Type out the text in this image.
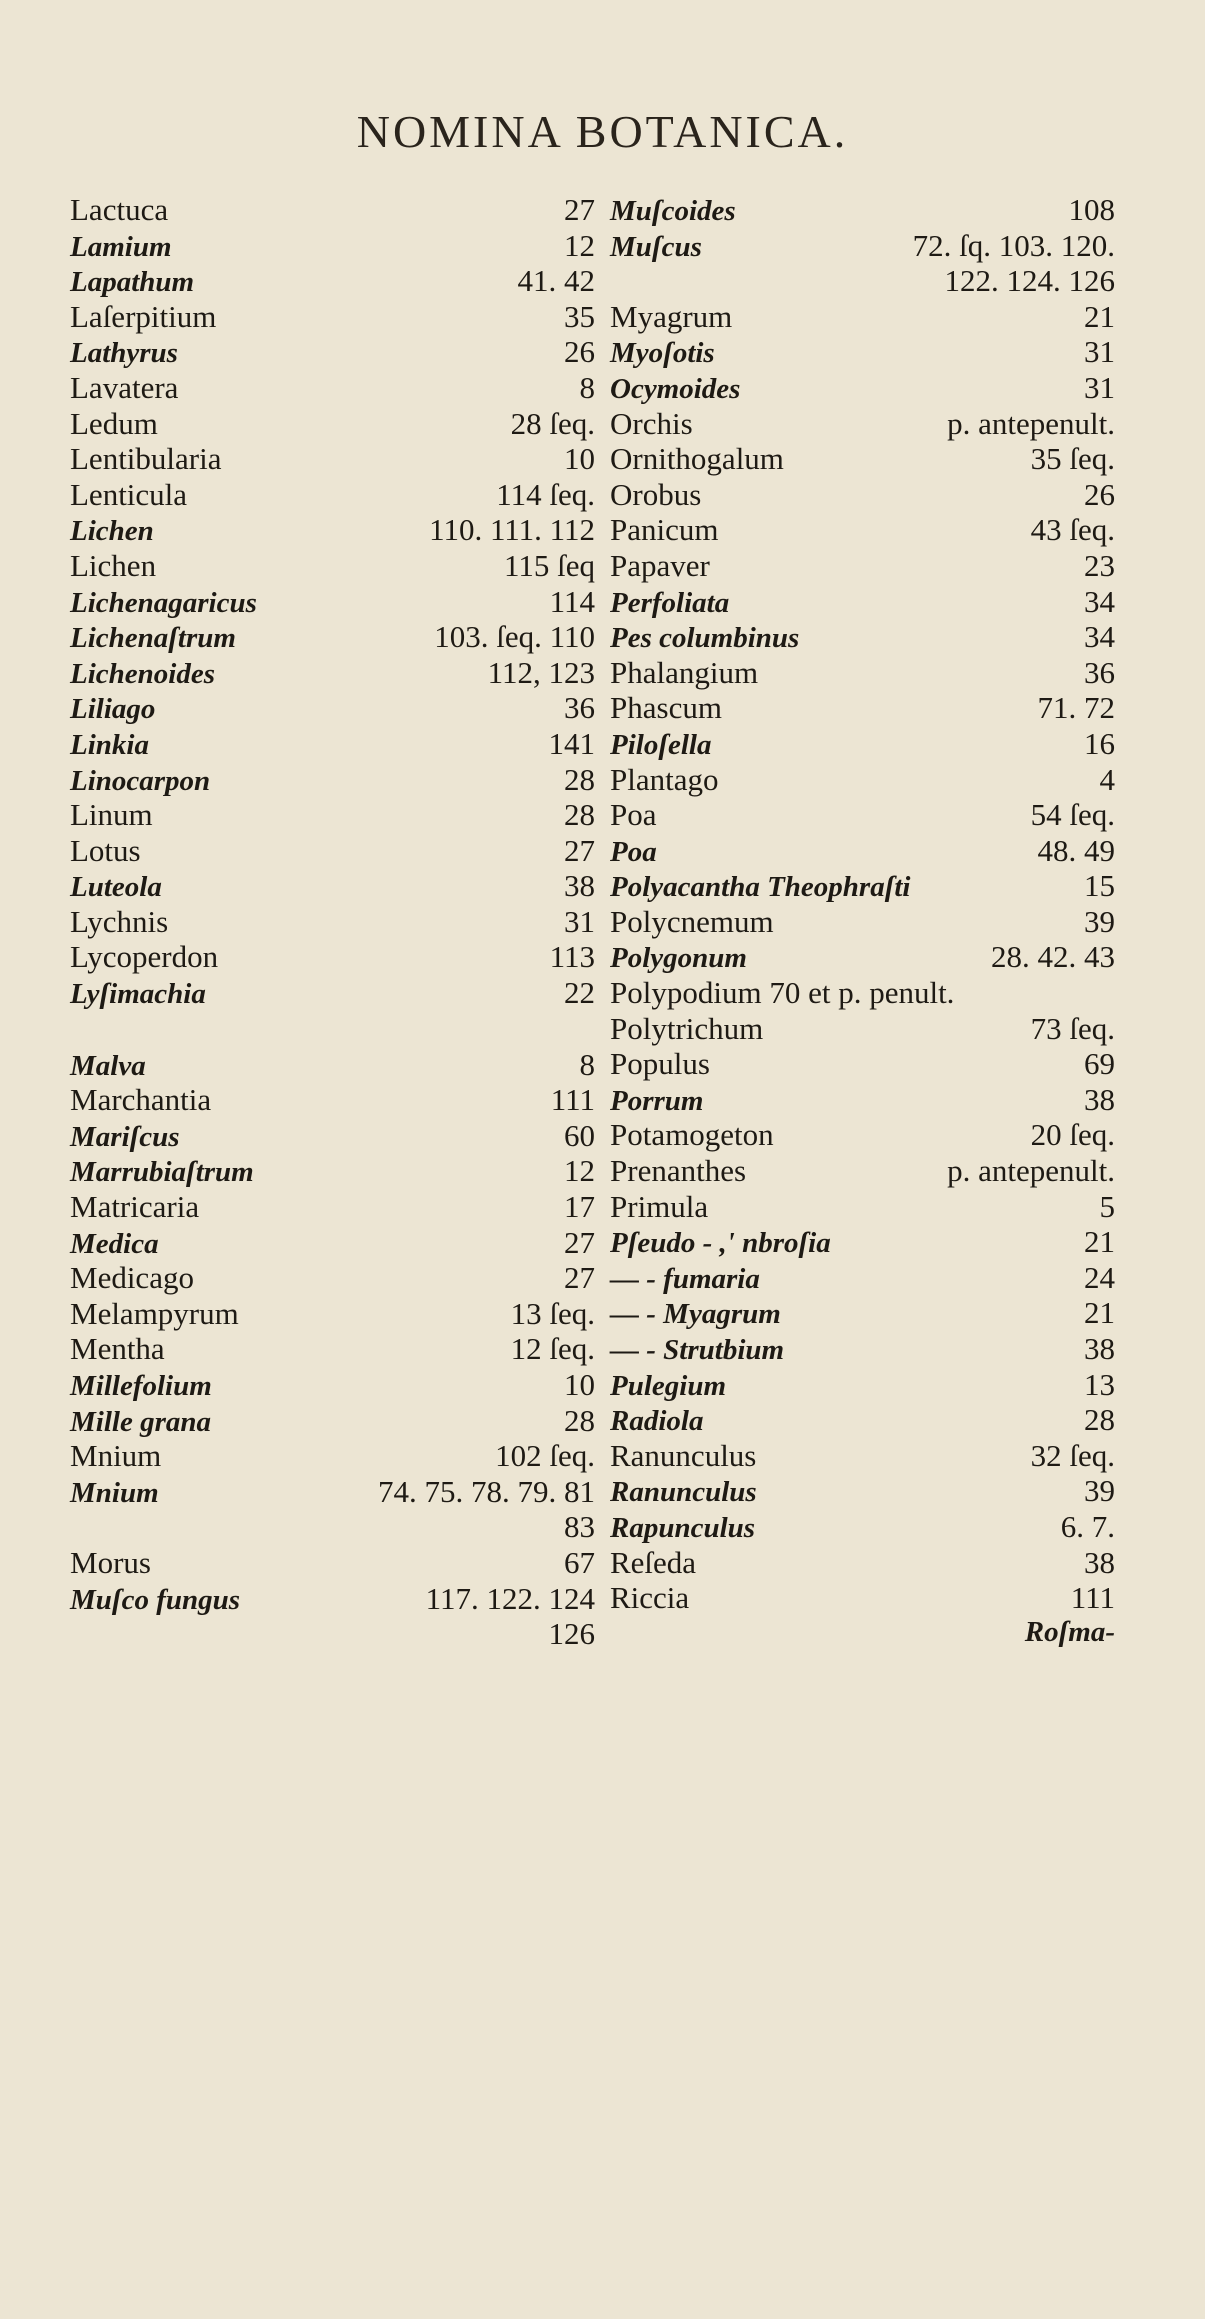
NOMINA BOTANICA.
Lactuca	27
Lamium	12
Lapathum	41. 42
Laſerpitium	35
Lathyrus	26
Lavatera	8
Ledum	28 ſeq.
Lentibularia	10
Lenticula	114 ſeq.
Lichen	110. 111. 112
Lichen	115 ſeq
Lichenagaricus	114
Lichenaſtrum	103. ſeq. 110
Lichenoides	112, 123
Liliago	36
Linkia	141
Linocarpon	28
Linum	28
Lotus	27
Luteola	38
Lychnis	31
Lycoperdon	113
Lyſimachia	22
Malva	8
Marchantia	111
Mariſcus	60
Marrubiaſtrum	12
Matricaria	17
Medica	27
Medicago	27
Melampyrum	13 ſeq.
Mentha	12 ſeq.
Millefolium	10
Mille grana	28
Mnium	102 ſeq.
Mnium	74. 75. 78. 79. 81
83
Morus	67
Muſco fungus	117. 122. 124
126
Muſcoides	108
Muſcus	72. ſq. 103. 120.
122. 124. 126
Myagrum	21
Myoſotis	31
Ocymoides	31
Orchis	p. antepenult.
Ornithogalum	35 ſeq.
Orobus	26
Panicum	43 ſeq.
Papaver	23
Perfoliata	34
Pes columbinus	34
Phalangium	36
Phascum	71. 72
Piloſella	16
Plantago	4
Poa	54 ſeq.
Poa	48. 49
Polyacantha Theophraſti	15
Polycnemum	39
Polygonum	28. 42. 43
Polypodium 70 et p. penult.
Polytrichum	73 ſeq.
Populus	69
Porrum	38
Potamogeton	20 ſeq.
Prenanthes	p. antepenult.
Primula	5
Pſeudo - ,' nbroſia	21
— - fumaria	24
— - Myagrum	21
— - Strutbium	38
Pulegium	13
Radiola	28
Ranunculus	32 ſeq.
Ranunculus	39
Rapunculus	6. 7.
Reſeda	38
Riccia	111
Roſma-
